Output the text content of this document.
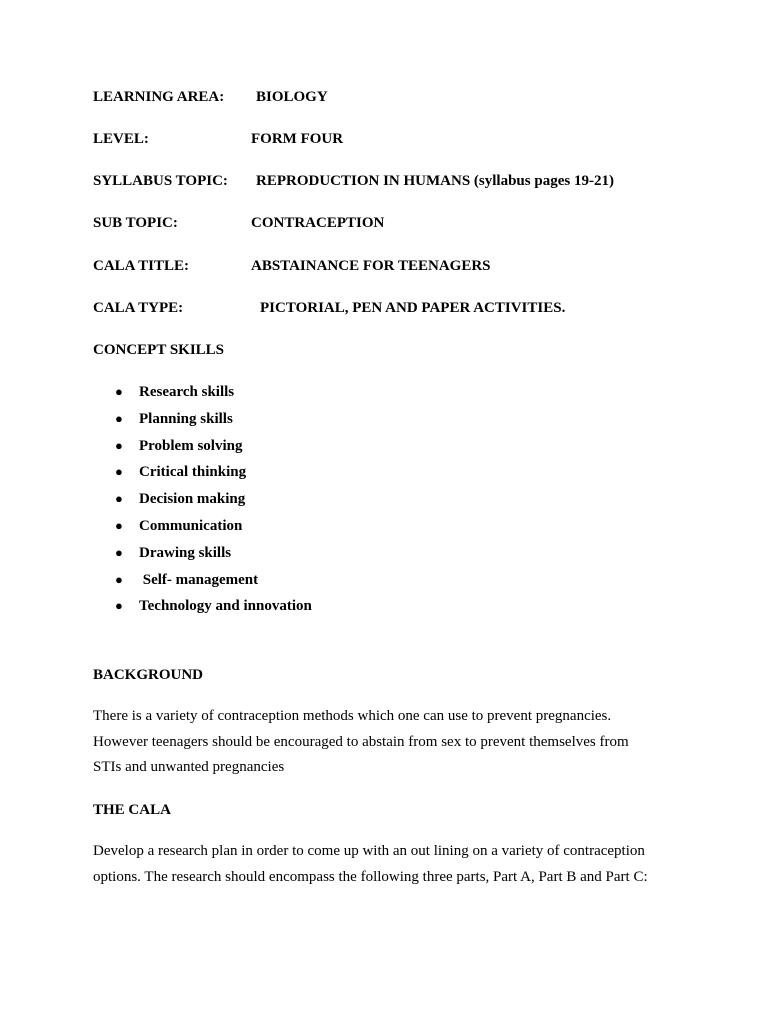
LEARNING AREA: BIOLOGY
LEVEL:	FORM FOUR
SYLLABUS TOPIC: REPRODUCTION IN HUMANS (syllabus pages 19-21)
SUB TOPIC:	CONTRACEPTION
CALA TITLE:	ABSTAINANCE FOR TEENAGERS
CALA TYPE:	PICTORIAL, PEN AND PAPER ACTIVITIES.
CONCEPT SKILLS
● Research skills
● Planning skills
● Problem solving
● Critical thinking
● Decision making
● Communication
● Drawing skills
● Self- management
● Technology and innovation
BACKGROUND
There is a variety of contraception methods which one can use to prevent pregnancies.
However teenagers should be encouraged to abstain from sex to prevent themselves from
STIs and unwanted pregnancies
THE CALA
Develop a research plan in order to come up with an out lining on a variety of contraception
options. The research should encompass the following three parts, Part A, Part B and Part C:
